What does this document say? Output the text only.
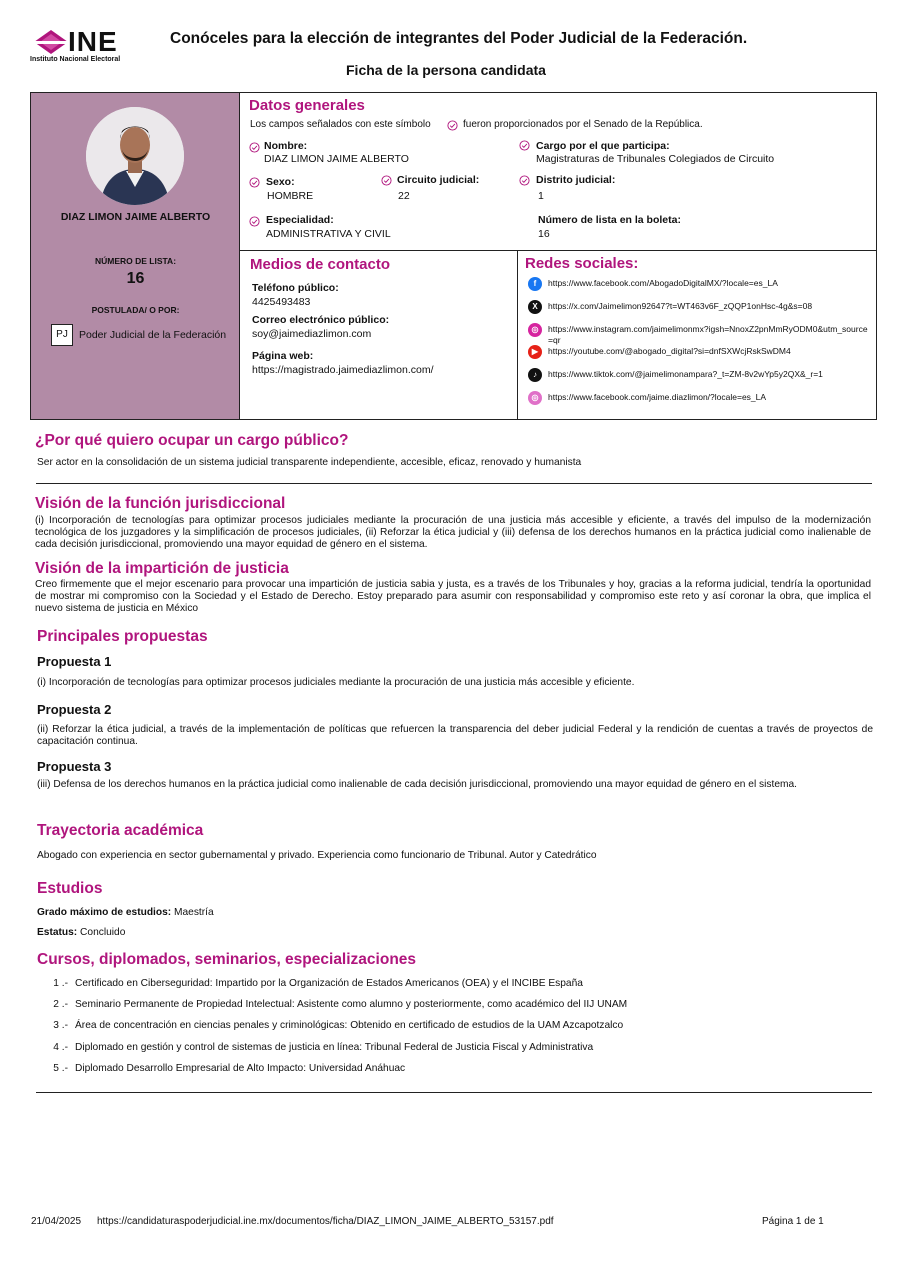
INE
Instituto Nacional Electoral
Conóceles para la elección de integrantes del Poder Judicial de la Federación.
Ficha de la persona candidata
DIAZ LIMON JAIME ALBERTO
NÚMERO DE LISTA:
16
POSTULADA/ O POR:
PJ	Poder Judicial de la Federación
Datos generales
Los campos señalados con este símbolo	fueron proporcionados por el Senado de la República.
Nombre:
DIAZ LIMON JAIME ALBERTO
Cargo por el que participa:
Magistraturas de Tribunales Colegiados de Circuito
Sexo:
HOMBRE
Circuito judicial:
22
Distrito judicial:
1
Especialidad:
ADMINISTRATIVA Y CIVIL
Número de lista en la boleta:
16
Medios de contacto
Teléfono público:
4425493483
Correo electrónico público:
soy@jaimediazlimon.com
Página web:
https://magistrado.jaimediazlimon.com/
Redes sociales:
f	https://www.facebook.com/AbogadoDigitalMX/?locale=es_LA
X	https://x.com/Jaimelimon92647?t=WT463v6F_zQQP1onHsc-4g&s=08
◎	https://www.instagram.com/jaimelimonmx?igsh=NnoxZ2pnMmRyODM0&utm_source=qr
▶	https://youtube.com/@abogado_digital?si=dnfSXWcjRskSwDM4
♪	https://www.tiktok.com/@jaimelimonampara?_t=ZM-8v2wYp5y2QX&_r=1
◎	https://www.facebook.com/jaime.diazlimon/?locale=es_LA
¿Por qué quiero ocupar un cargo público?
Ser actor en la consolidación de un sistema judicial transparente independiente, accesible, eficaz, renovado y humanista
Visión de la función jurisdiccional
(i) Incorporación de tecnologías para optimizar procesos judiciales mediante la procuración de una justicia más accesible y eficiente, a través del impulso de la modernización tecnológica de los juzgadores y la simplificación de procesos judiciales, (ii) Reforzar la ética judicial y (iii) defensa de los derechos humanos en la práctica judicial como inalienable de cada decisión jurisdiccional, promoviendo una mayor equidad de género en el sistema.
Visión de la impartición de justicia
Creo firmemente que el mejor escenario para provocar una impartición de justicia sabia y justa, es a través de los Tribunales y hoy, gracias a la reforma judicial, tendría la oportunidad de mostrar mi compromiso con la Sociedad y el Estado de Derecho. Estoy preparado para asumir con responsabilidad y compromiso este reto y así coronar la obra, que implica el nuevo sistema de justicia en México
Principales propuestas
Propuesta 1
(i) Incorporación de tecnologías para optimizar procesos judiciales mediante la procuración de una justicia más accesible y eficiente.
Propuesta 2
(ii) Reforzar la ética judicial, a través de la implementación de políticas que refuercen la transparencia del deber judicial Federal y la rendición de cuentas a través de proyectos de capacitación continua.
Propuesta 3
(iii) Defensa de los derechos humanos en la práctica judicial como inalienable de cada decisión jurisdiccional, promoviendo una mayor equidad de género en el sistema.
Trayectoria académica
Abogado con experiencia en sector gubernamental y privado. Experiencia como funcionario de Tribunal. Autor y Catedrático
Estudios
Grado máximo de estudios: Maestría
Estatus: Concluido
Cursos, diplomados, seminarios, especializaciones
1 .- Certificado en Ciberseguridad: Impartido por la Organización de Estados Americanos (OEA) y el INCIBE España
2 .- Seminario Permanente de Propiedad Intelectual: Asistente como alumno y posteriormente, como académico del IIJ UNAM
3 .- Área de concentración en ciencias penales y criminológicas: Obtenido en certificado de estudios de la UAM Azcapotzalco
4 .- Diplomado en gestión y control de sistemas de justicia en línea: Tribunal Federal de Justicia Fiscal y Administrativa
5 .- Diplomado Desarrollo Empresarial de Alto Impacto: Universidad Anáhuac
21/04/2025 https://candidaturaspoderjudicial.ine.mx/documentos/ficha/DIAZ_LIMON_JAIME_ALBERTO_53157.pdf	Página 1 de 1
